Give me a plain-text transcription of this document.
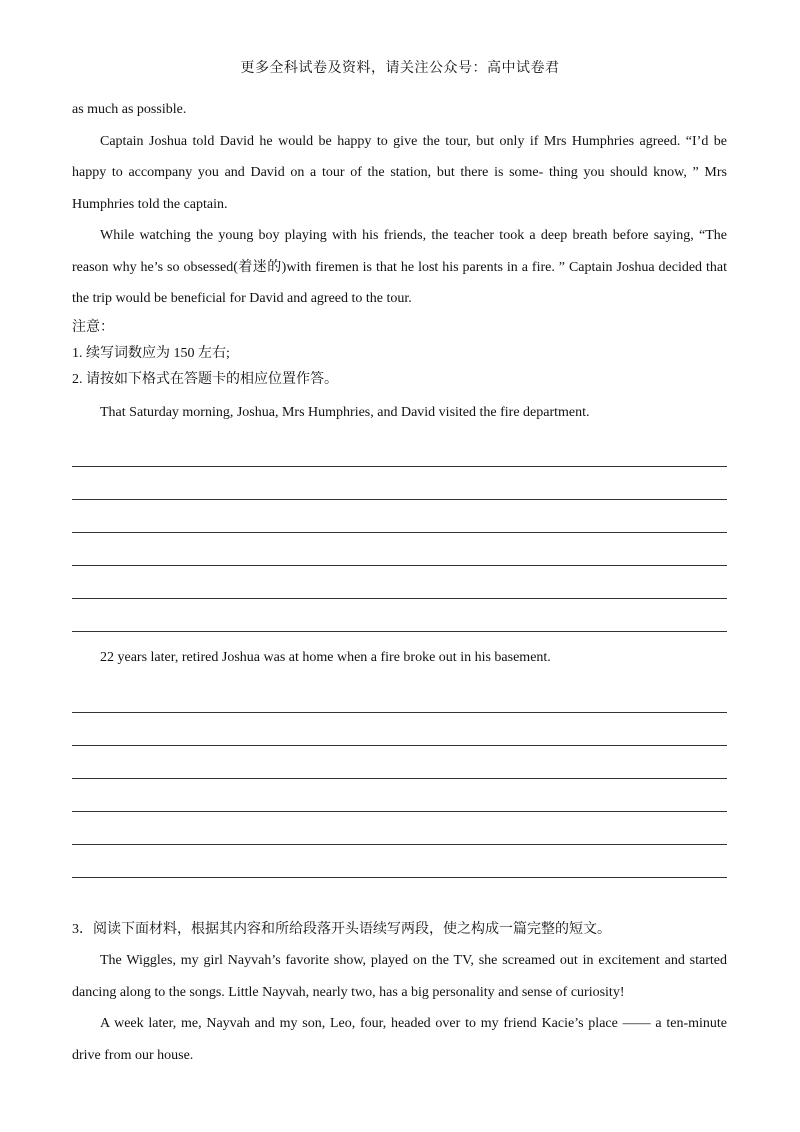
更多全科试卷及资料，请关注公众号：高中试卷君

as much as possible.

Captain Joshua told David he would be happy to give the tour, but only if Mrs Humphries agreed. “I’d be happy to accompany you and David on a tour of the station, but there is some- thing you should know, ” Mrs Humphries told the captain.

While watching the young boy playing with his friends, the teacher took a deep breath before saying, “The reason why he’s so obsessed(着迷的)with firemen is that he lost his parents in a fire. ” Captain Joshua decided that the trip would be beneficial for David and agreed to the tour.

注意：

1. 续写词数应为 150 左右;

2. 请按如下格式在答题卡的相应位置作答。

That Saturday morning, Joshua, Mrs Humphries, and David visited the fire department.

22 years later, retired Joshua was at home when a fire broke out in his basement.

3．阅读下面材料，根据其内容和所给段落开头语续写两段，使之构成一篇完整的短文。

The Wiggles, my girl Nayvah’s favorite show, played on the TV, she screamed out in excitement and started dancing along to the songs. Little Nayvah, nearly two, has a big personality and sense of curiosity!

A week later, me, Nayvah and my son, Leo, four, headed over to my friend Kacie’s place —— a ten-minute drive from our house.
